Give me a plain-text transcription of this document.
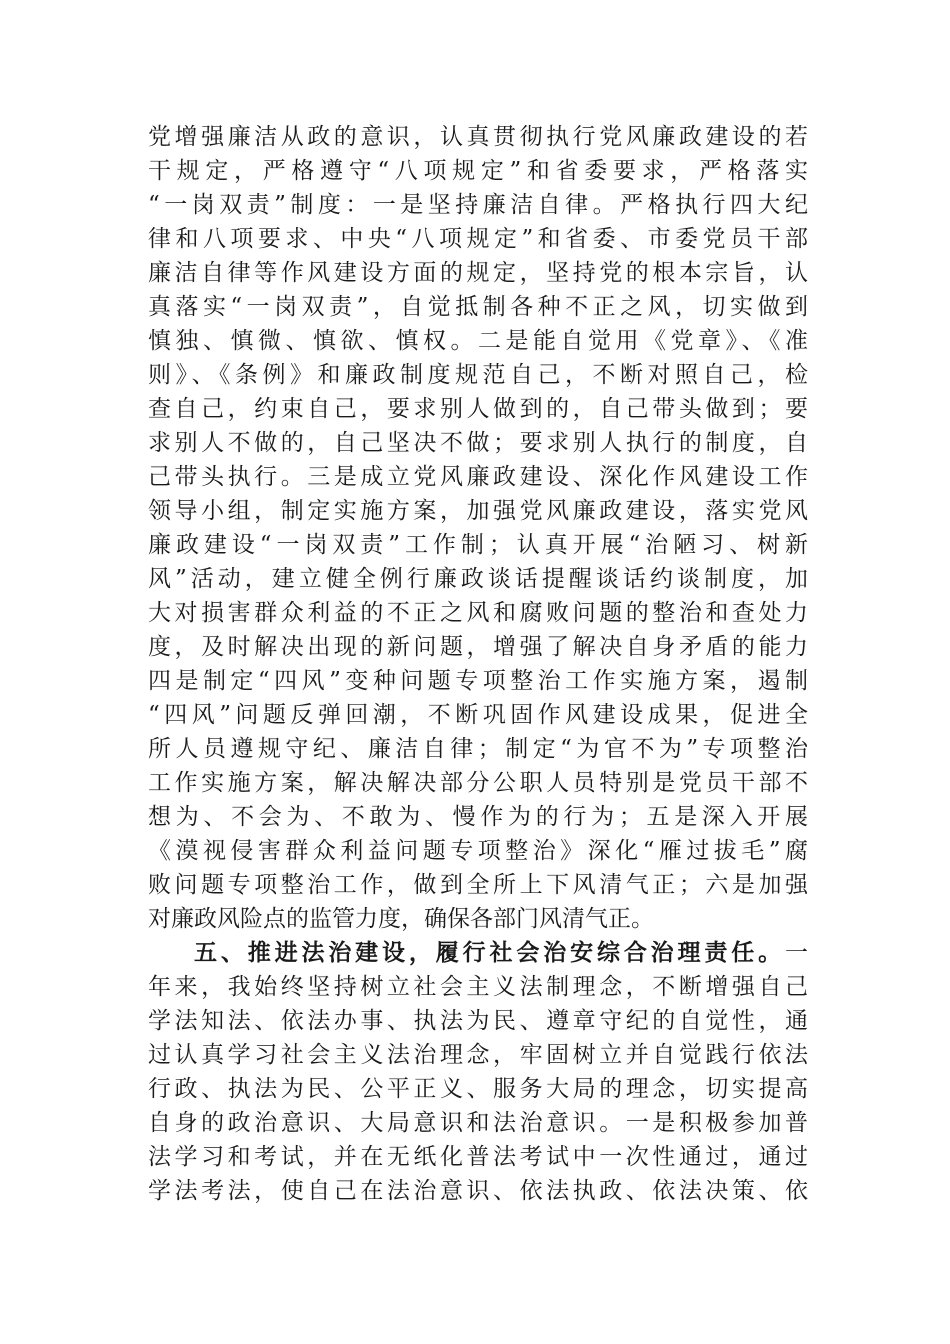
党增强廉洁从政的意识，认真贯彻执行党风廉政建设的若
干规定，严格遵守“八项规定”和省委要求，严格落实
“一岗双责”制度：一是坚持廉洁自律。严格执行四大纪
律和八项要求、中央“八项规定”和省委、市委党员干部
廉洁自律等作风建设方面的规定，坚持党的根本宗旨，认
真落实“一岗双责”，自觉抵制各种不正之风，切实做到
慎独、慎微、慎欲、慎权。二是能自觉用《党章》、《准
则》、《条例》和廉政制度规范自己，不断对照自己，检
查自己，约束自己，要求别人做到的，自己带头做到；要
求别人不做的，自己坚决不做；要求别人执行的制度，自
己带头执行。三是成立党风廉政建设、深化作风建设工作
领导小组，制定实施方案，加强党风廉政建设，落实党风
廉政建设“一岗双责”工作制；认真开展“治陋习、树新
风”活动，建立健全例行廉政谈话提醒谈话约谈制度，加
大对损害群众利益的不正之风和腐败问题的整治和查处力
度，及时解决出现的新问题，增强了解决自身矛盾的能力
四是制定“四风”变种问题专项整治工作实施方案，遏制
“四风”问题反弹回潮，不断巩固作风建设成果，促进全
所人员遵规守纪、廉洁自律；制定“为官不为”专项整治
工作实施方案，解决解决部分公职人员特别是党员干部不
想为、不会为、不敢为、慢作为的行为；五是深入开展
《漠视侵害群众利益问题专项整治》深化“雁过拔毛”腐
败问题专项整治工作，做到全所上下风清气正；六是加强
对廉政风险点的监管力度，确保各部门风清气正。
五、推进法治建设，履行社会治安综合治理责任。一
年来，我始终坚持树立社会主义法制理念，不断增强自己
学法知法、依法办事、执法为民、遵章守纪的自觉性，通
过认真学习社会主义法治理念，牢固树立并自觉践行依法
行政、执法为民、公平正义、服务大局的理念，切实提高
自身的政治意识、大局意识和法治意识。一是积极参加普
法学习和考试，并在无纸化普法考试中一次性通过，通过
学法考法，使自己在法治意识、依法执政、依法决策、依
